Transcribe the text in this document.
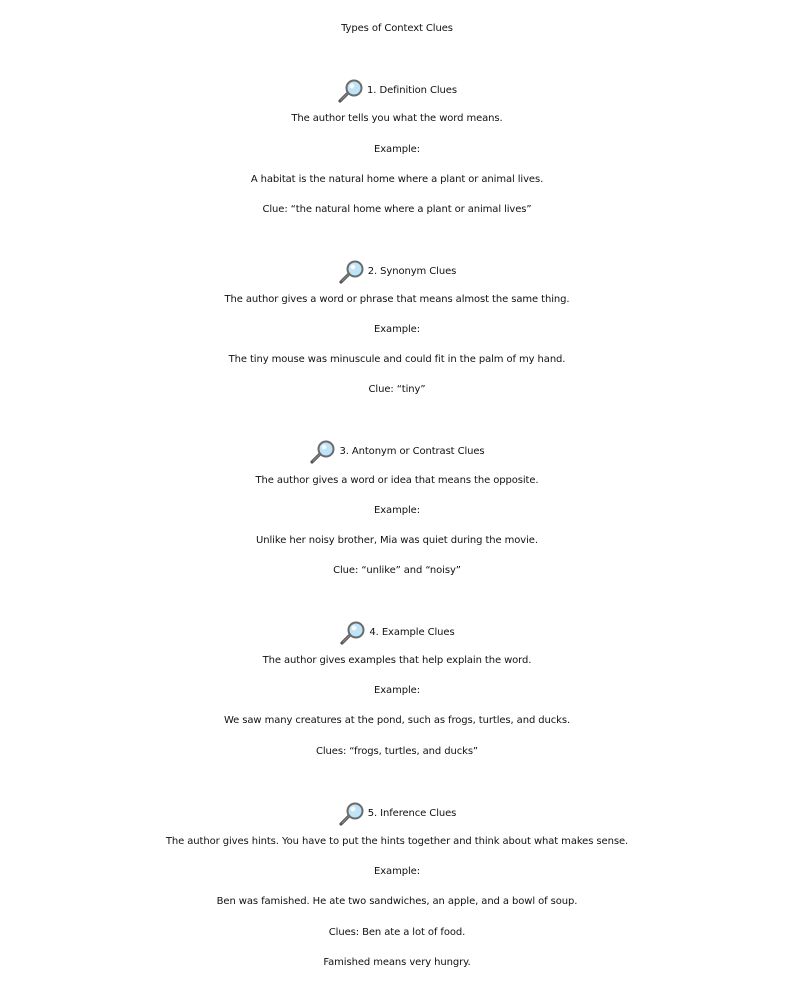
Types of Context Clues
1. Definition Clues
The author tells you what the word means.
Example:
A habitat is the natural home where a plant or animal lives.
Clue: “the natural home where a plant or animal lives”
2. Synonym Clues
The author gives a word or phrase that means almost the same thing.
Example:
The tiny mouse was minuscule and could fit in the palm of my hand.
Clue: “tiny”
3. Antonym or Contrast Clues
The author gives a word or idea that means the opposite.
Example:
Unlike her noisy brother, Mia was quiet during the movie.
Clue: “unlike” and “noisy”
4. Example Clues
The author gives examples that help explain the word.
Example:
We saw many creatures at the pond, such as frogs, turtles, and ducks.
Clues: “frogs, turtles, and ducks”
5. Inference Clues
The author gives hints. You have to put the hints together and think about what makes sense.
Example:
Ben was famished. He ate two sandwiches, an apple, and a bowl of soup.
Clues: Ben ate a lot of food.
Famished means very hungry.
